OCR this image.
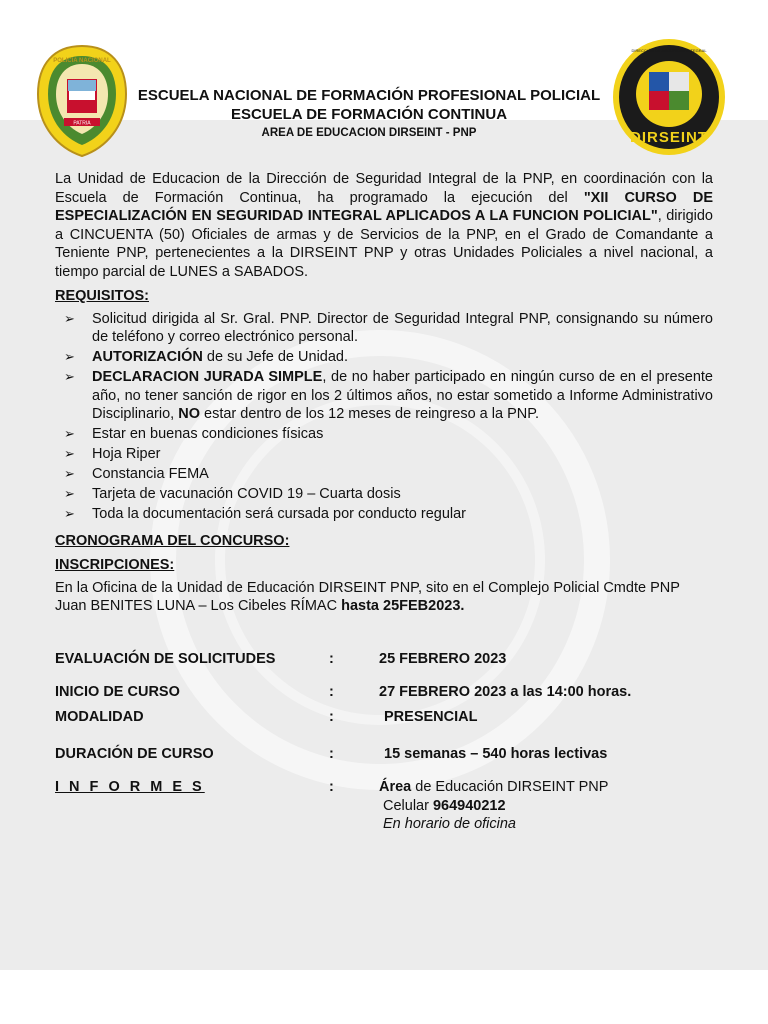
PATRIA
POLICIA NACIONAL
DIRSEINT
DIRECCIÓN DE SEGURIDAD INTEGRAL
ESCUELA NACIONAL DE FORMACIÓN PROFESIONAL POLICIAL
ESCUELA DE FORMACIÓN CONTINUA
AREA DE EDUCACION DIRSEINT - PNP

La Unidad de Educacion de la Dirección de Seguridad Integral de la PNP, en coordinación con la Escuela de Formación Continua, ha programado la ejecución del "XII CURSO DE ESPECIALIZACIÓN EN SEGURIDAD INTEGRAL APLICADOS A LA FUNCION POLICIAL", dirigido a CINCUENTA (50) Oficiales de armas y de Servicios de la PNP, en el Grado de Comandante a Teniente PNP, pertenecientes a la DIRSEINT PNP y otras Unidades Policiales a nivel nacional, a tiempo parcial de LUNES a SABADOS.

REQUISITOS:

➢ Solicitud dirigida al Sr. Gral. PNP. Director de Seguridad Integral PNP, consignando su número de teléfono y correo electrónico personal.
➢ AUTORIZACIÓN de su Jefe de Unidad.
➢ DECLARACION JURADA SIMPLE, de no haber participado en ningún curso de en el presente año, no tener sanción de rigor en los 2 últimos años, no estar sometido a Informe Administrativo Disciplinario, NO estar dentro de los 12 meses de reingreso a la PNP.
➢ Estar en buenas condiciones físicas
➢ Hoja Riper
➢ Constancia FEMA
➢ Tarjeta de vacunación COVID 19 – Cuarta dosis
➢ Toda la documentación será cursada por conducto regular

CRONOGRAMA DEL CONCURSO:

INSCRIPCIONES:

En la Oficina de la Unidad de Educación DIRSEINT PNP, sito en el Complejo Policial Cmdte PNP Juan BENITES LUNA – Los Cibeles RÍMAC hasta 25FEB2023.

EVALUACIÓN DE SOLICITUDES	:	25 FEBRERO 2023
INICIO DE CURSO	:	27 FEBRERO 2023 a las 14:00 horas.
MODALIDAD	:	PRESENCIAL
DURACIÓN DE CURSO	:	15 semanas – 540 horas lectivas
I N F O R M E S	:	Área de Educación DIRSEINT PNP
Celular 964940212
En horario de oficina
